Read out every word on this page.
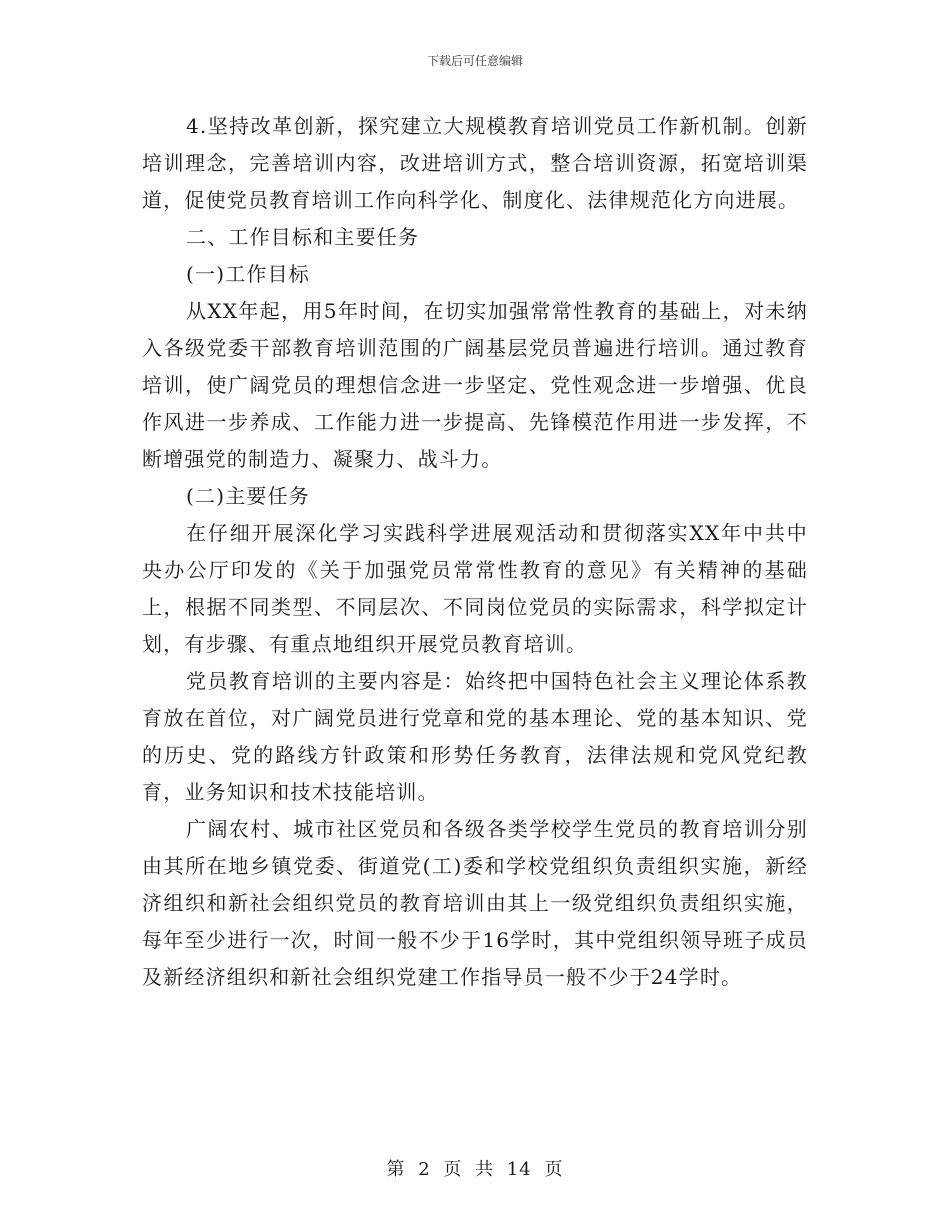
下载后可任意编辑

4.坚持改革创新，探究建立大规模教育培训党员工作新机制。创新培训理念，完善培训内容，改进培训方式，整合培训资源，拓宽培训渠道，促使党员教育培训工作向科学化、制度化、法律规范化方向进展。

二、工作目标和主要任务

(一)工作目标

从XX年起，用5年时间，在切实加强常常性教育的基础上，对未纳入各级党委干部教育培训范围的广阔基层党员普遍进行培训。通过教育培训，使广阔党员的理想信念进一步坚定、党性观念进一步增强、优良作风进一步养成、工作能力进一步提高、先锋模范作用进一步发挥，不断增强党的制造力、凝聚力、战斗力。

(二)主要任务

在仔细开展深化学习实践科学进展观活动和贯彻落实XX年中共中央办公厅印发的《关于加强党员常常性教育的意见》有关精神的基础上，根据不同类型、不同层次、不同岗位党员的实际需求，科学拟定计划，有步骤、有重点地组织开展党员教育培训。

党员教育培训的主要内容是：始终把中国特色社会主义理论体系教育放在首位，对广阔党员进行党章和党的基本理论、党的基本知识、党的历史、党的路线方针政策和形势任务教育，法律法规和党风党纪教育，业务知识和技术技能培训。

广阔农村、城市社区党员和各级各类学校学生党员的教育培训分别由其所在地乡镇党委、街道党(工)委和学校党组织负责组织实施，新经济组织和新社会组织党员的教育培训由其上一级党组织负责组织实施，每年至少进行一次，时间一般不少于16学时，其中党组织领导班子成员及新经济组织和新社会组织党建工作指导员一般不少于24学时。

第 2 页 共 14 页
